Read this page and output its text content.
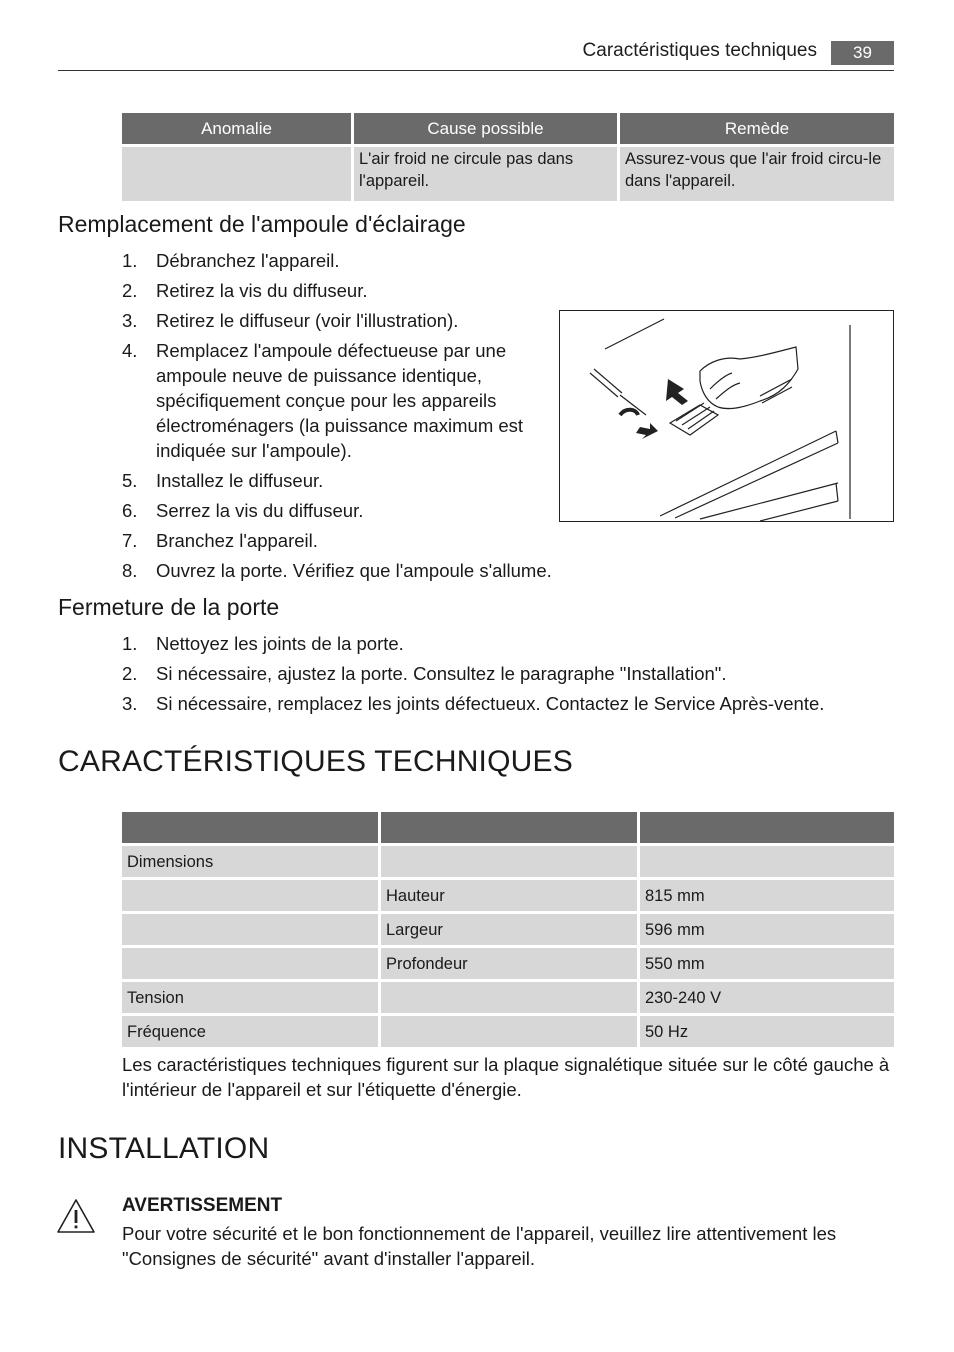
Caractéristiques techniques	39
Anomalie	Cause possible	Remède
	L'air froid ne circule pas dans l'appareil.	Assurez-vous que l'air froid circu-le dans l'appareil.
Remplacement de l'ampoule d'éclairage
1. Débranchez l'appareil.
2. Retirez la vis du diffuseur.
3. Retirez le diffuseur (voir l'illustration).
4. Remplacez l'ampoule défectueuse par une ampoule neuve de puissance identique, spécifiquement conçue pour les appareils électroménagers (la puissance maximum est indiquée sur l'ampoule).
5. Installez le diffuseur.
6. Serrez la vis du diffuseur.
7. Branchez l'appareil.
8. Ouvrez la porte. Vérifiez que l'ampoule s'allume.
Fermeture de la porte
1. Nettoyez les joints de la porte.
2. Si nécessaire, ajustez la porte. Consultez le paragraphe "Installation".
3. Si nécessaire, remplacez les joints défectueux. Contactez le Service Après-vente.
CARACTÉRISTIQUES TECHNIQUES

Dimensions		
	Hauteur	815 mm
	Largeur	596 mm
	Profondeur	550 mm
Tension		230-240 V
Fréquence		50 Hz

Les caractéristiques techniques figurent sur la plaque signalétique située sur le côté gauche à l'intérieur de l'appareil et sur l'étiquette d'énergie.

INSTALLATION
AVERTISSEMENT

Pour votre sécurité et le bon fonctionnement de l'appareil, veuillez lire attentivement les "Consignes de sécurité" avant d'installer l'appareil.
